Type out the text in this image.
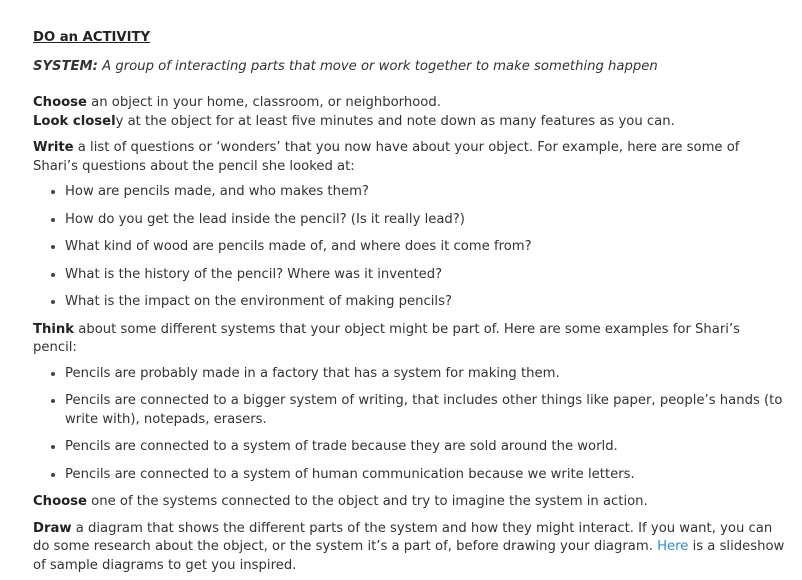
DO an ACTIVITY

SYSTEM: A group of interacting parts that move or work together to make something happen

Choose an object in your home, classroom, or neighborhood.

Look closely at the object for at least five minutes and note down as many features as you can.

Write a list of questions or ‘wonders’ that you now have about your object. For example, here are some of Shari’s questions about the pencil she looked at:

• How are pencils made, and who makes them?
• How do you get the lead inside the pencil? (Is it really lead?)
• What kind of wood are pencils made of, and where does it come from?
• What is the history of the pencil? Where was it invented?
• What is the impact on the environment of making pencils?

Think about some different systems that your object might be part of. Here are some examples for Shari’s pencil:

• Pencils are probably made in a factory that has a system for making them.
• Pencils are connected to a bigger system of writing, that includes other things like paper, people’s hands (to write with), notepads, erasers.
• Pencils are connected to a system of trade because they are sold around the world.
• Pencils are connected to a system of human communication because we write letters.

Choose one of the systems connected to the object and try to imagine the system in action.

Draw a diagram that shows the different parts of the system and how they might interact. If you want, you can do some research about the object, or the system it’s a part of, before drawing your diagram. Here is a slideshow of sample diagrams to get you inspired.
